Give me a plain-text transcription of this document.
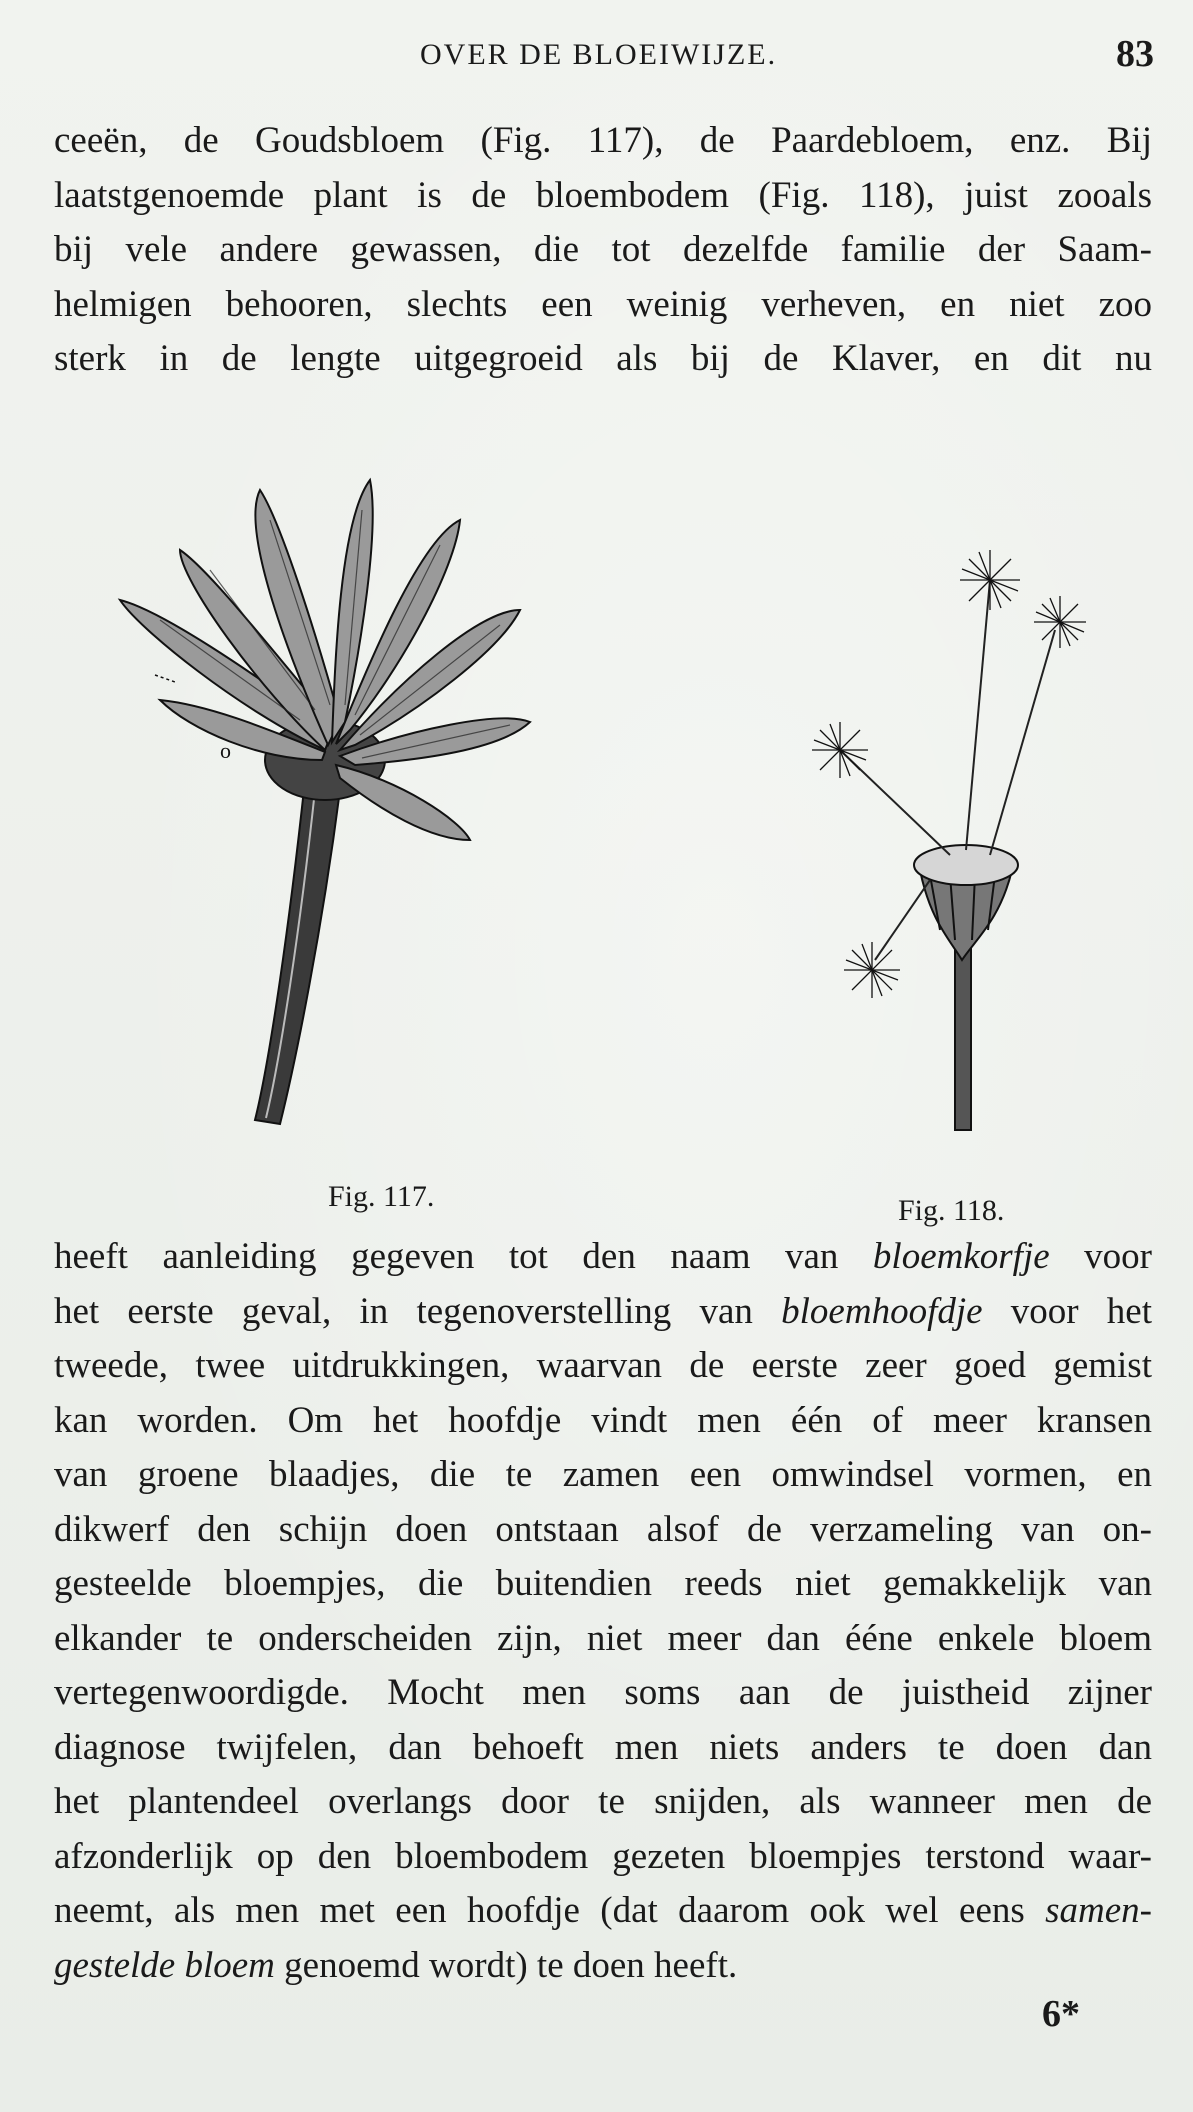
OVER DE BLOEIWIJZE.	83
ceeën, de Goudsbloem (Fig. 117), de Paardebloem, enz. Bij
laatstgenoemde plant is de bloembodem (Fig. 118), juist zooals
bij vele andere gewassen, die tot dezelfde familie der Saam-
helmigen behooren, slechts een weinig verheven, en niet zoo
sterk in de lengte uitgegroeid als bij de Klaver, en dit nu
o
Fig. 117.	Fig. 118.
heeft aanleiding gegeven tot den naam van bloemkorfje voor
het eerste geval, in tegenoverstelling van bloemhoofdje voor het
tweede, twee uitdrukkingen, waarvan de eerste zeer goed gemist
kan worden. Om het hoofdje vindt men één of meer kransen
van groene blaadjes, die te zamen een omwindsel vormen, en
dikwerf den schijn doen ontstaan alsof de verzameling van on-
gesteelde bloempjes, die buitendien reeds niet gemakkelijk van
elkander te onderscheiden zijn, niet meer dan ééne enkele bloem
vertegenwoordigde. Mocht men soms aan de juistheid zijner
diagnose twijfelen, dan behoeft men niets anders te doen dan
het plantendeel overlangs door te snijden, als wanneer men de
afzonderlijk op den bloembodem gezeten bloempjes terstond waar-
neemt, als men met een hoofdje (dat daarom ook wel eens samen-
gestelde bloem genoemd wordt) te doen heeft.
6*
